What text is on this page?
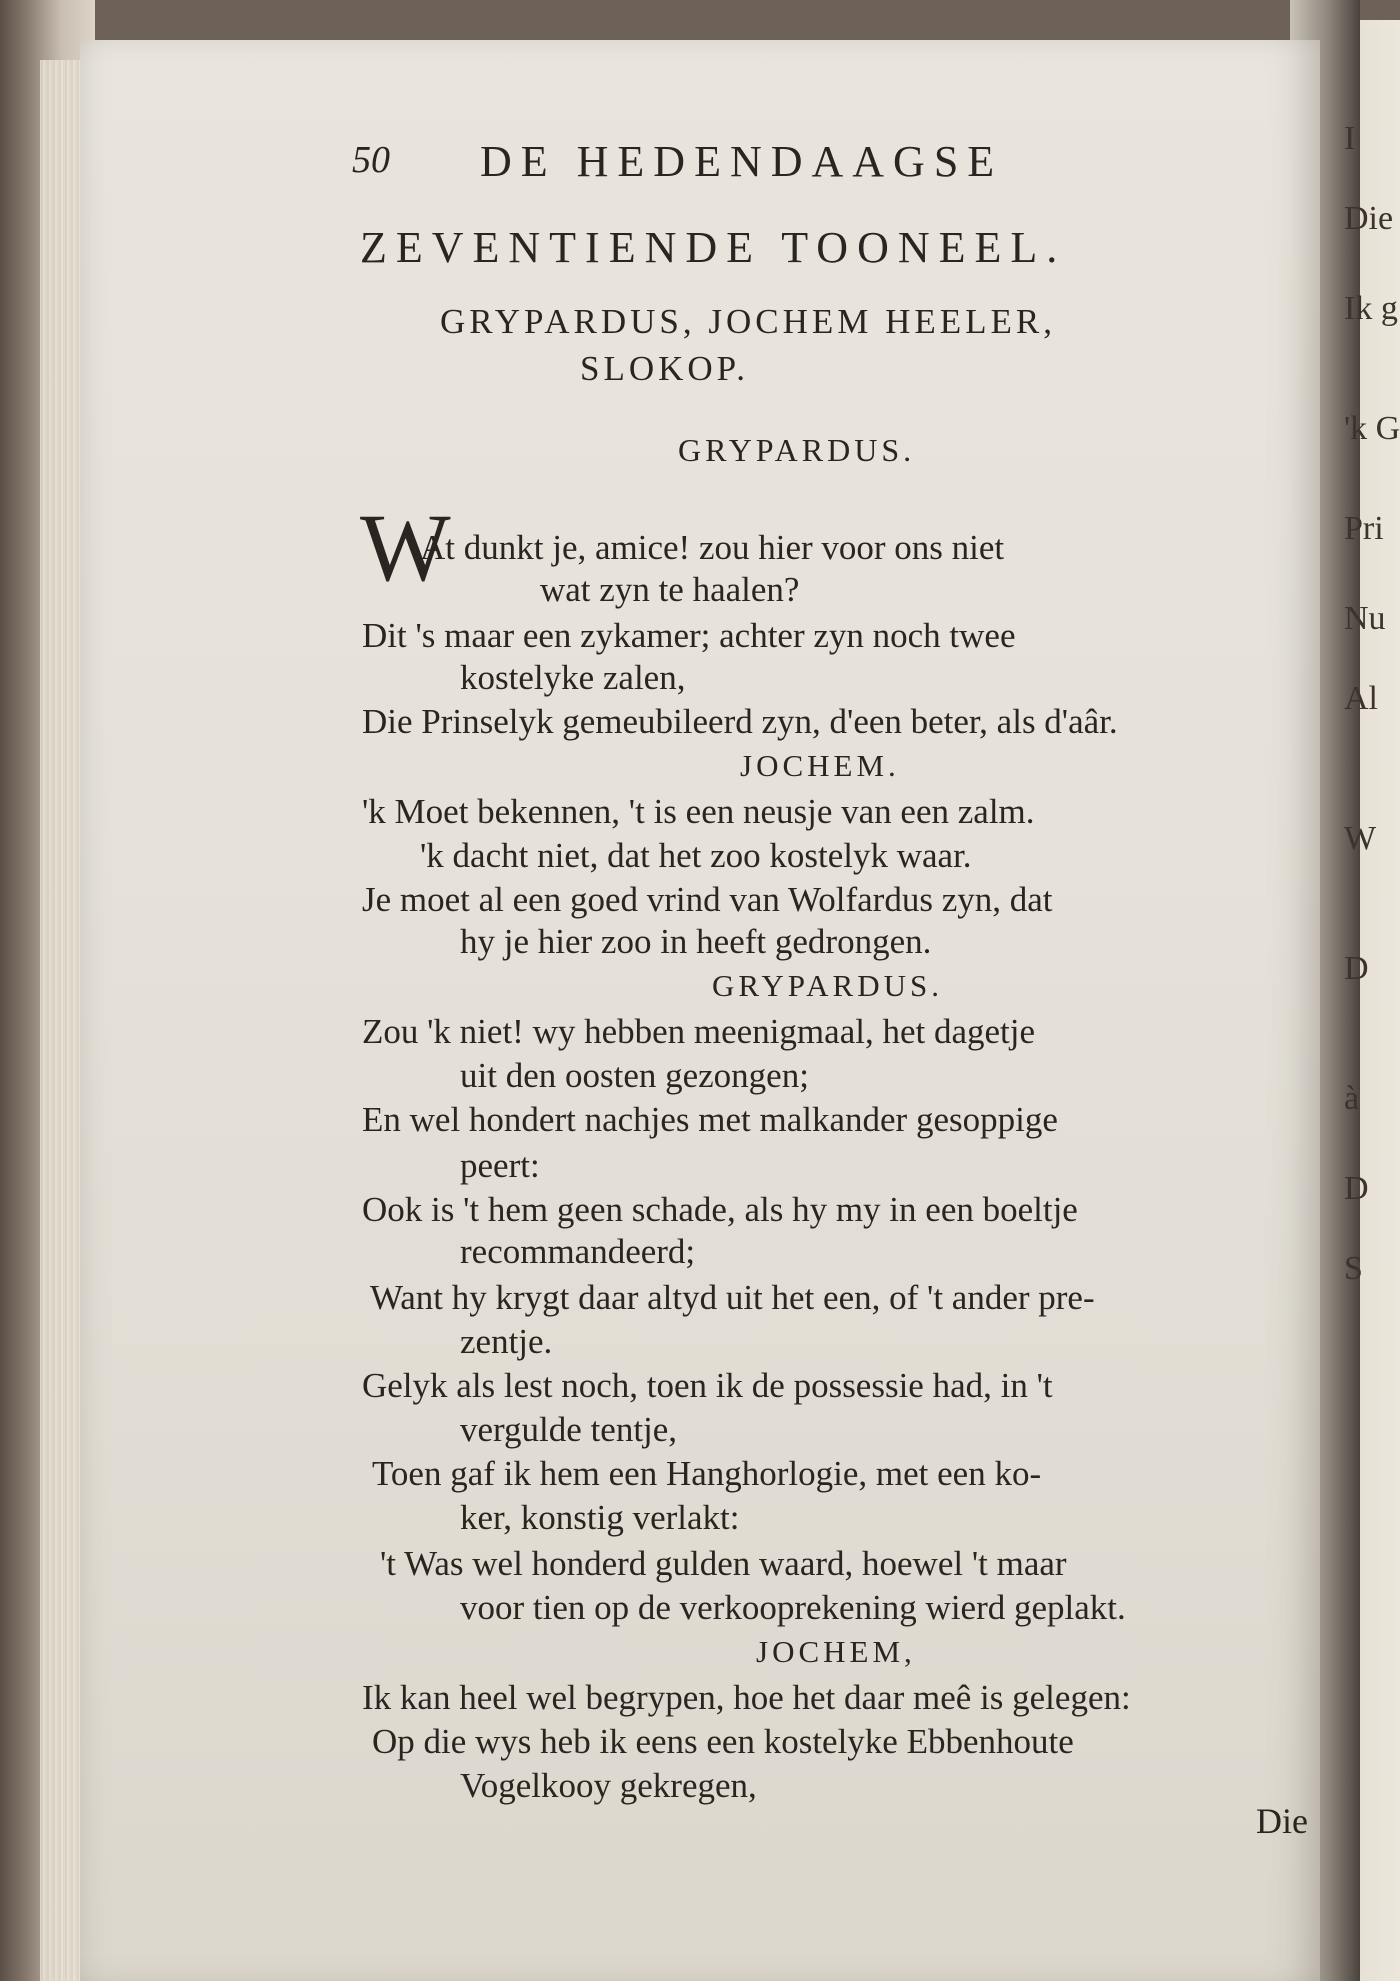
I
Die
Ik g
'k G
Pri
Nu
Al
W
D
à
D
S
50 DE HEDENDAAGSE
ZEVENTIENDE TOONEEL.
GRYPARDUS, JOCHEM HEELER,
SLOKOP.
GRYPARDUS.
W
At dunkt je, amice! zou hier voor ons niet
wat zyn te haalen?
Dit 's maar een zykamer; achter zyn noch twee
kostelyke zalen,
Die Prinselyk gemeubileerd zyn, d'een beter, als d'aâr.
JOCHEM.
'k Moet bekennen, 't is een neusje van een zalm.
'k dacht niet, dat het zoo kostelyk waar.
Je moet al een goed vrind van Wolfardus zyn, dat
hy je hier zoo in heeft gedrongen.
GRYPARDUS.
Zou 'k niet! wy hebben meenigmaal, het dagetje
uit den oosten gezongen;
En wel hondert nachjes met malkander gesoppige
peert:
Ook is 't hem geen schade, als hy my in een boeltje
recommandeerd;
Want hy krygt daar altyd uit het een, of 't ander pre-
zentje.
Gelyk als lest noch, toen ik de possessie had, in 't
vergulde tentje,
Toen gaf ik hem een Hanghorlogie, met een ko-
ker, konstig verlakt:
't Was wel honderd gulden waard, hoewel 't maar
voor tien op de verkooprekening wierd geplakt.
JOCHEM,
Ik kan heel wel begrypen, hoe het daar meê is gelegen:
Op die wys heb ik eens een kostelyke Ebbenhoute
Vogelkooy gekregen,
Die
